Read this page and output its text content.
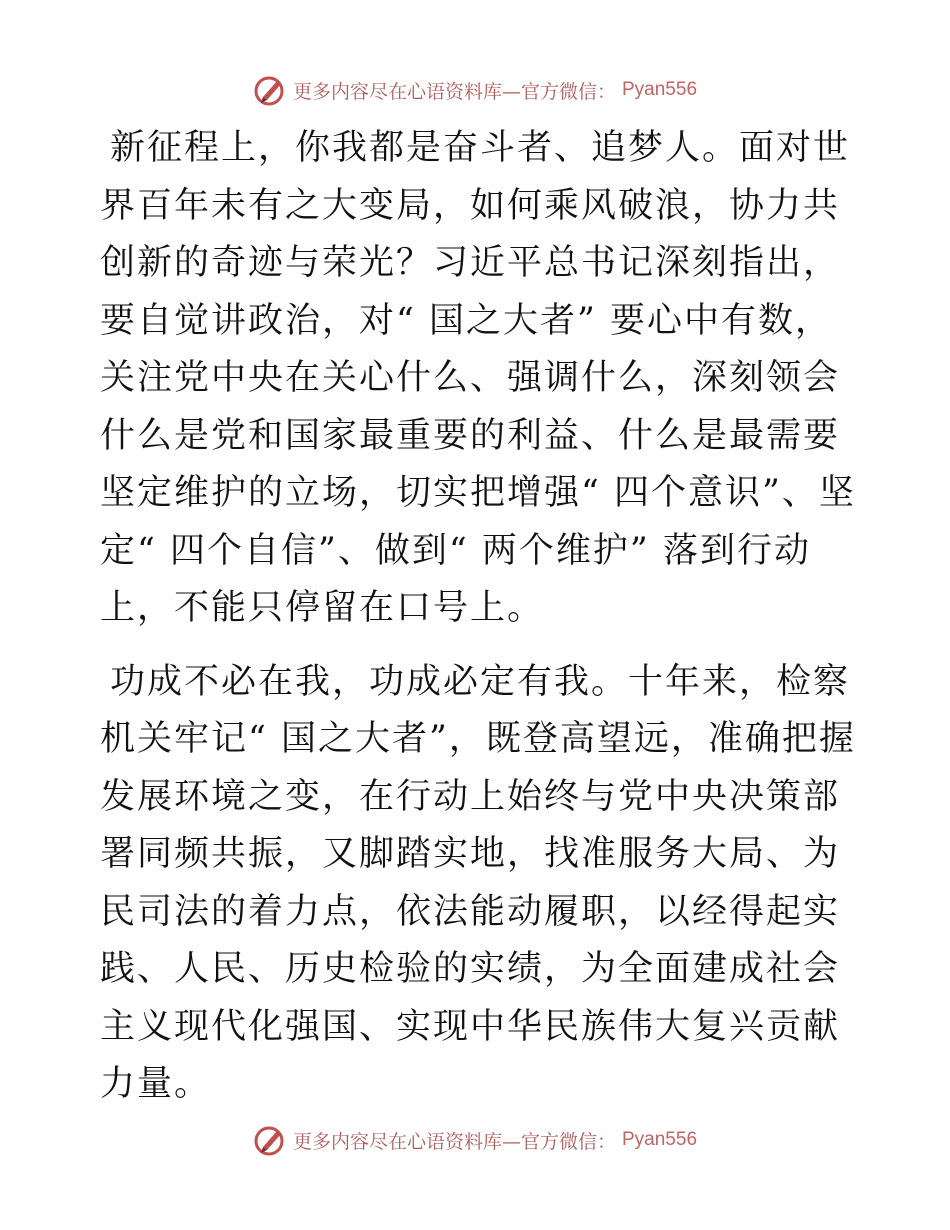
更多内容尽在心语资料库—官方微信： Pyan556

新征程上，你我都是奋斗者、追梦人。面对世界百年未有之大变局，如何乘风破浪，协力共创新的奇迹与荣光？习近平总书记深刻指出，要自觉讲政治，对“ 国之大者” 要心中有数，关注党中央在关心什么、强调什么，深刻领会什么是党和国家最重要的利益、什么是最需要坚定维护的立场，切实把增强“ 四个意识”、坚定“ 四个自信”、做到“ 两个维护” 落到行动上，不能只停留在口号上。

功成不必在我，功成必定有我。十年来，检察机关牢记“ 国之大者”，既登高望远，准确把握发展环境之变，在行动上始终与党中央决策部署同频共振，又脚踏实地，找准服务大局、为民司法的着力点，依法能动履职，以经得起实践、人民、历史检验的实绩，为全面建成社会主义现代化强国、实现中华民族伟大复兴贡献力量。

更多内容尽在心语资料库—官方微信： Pyan556
